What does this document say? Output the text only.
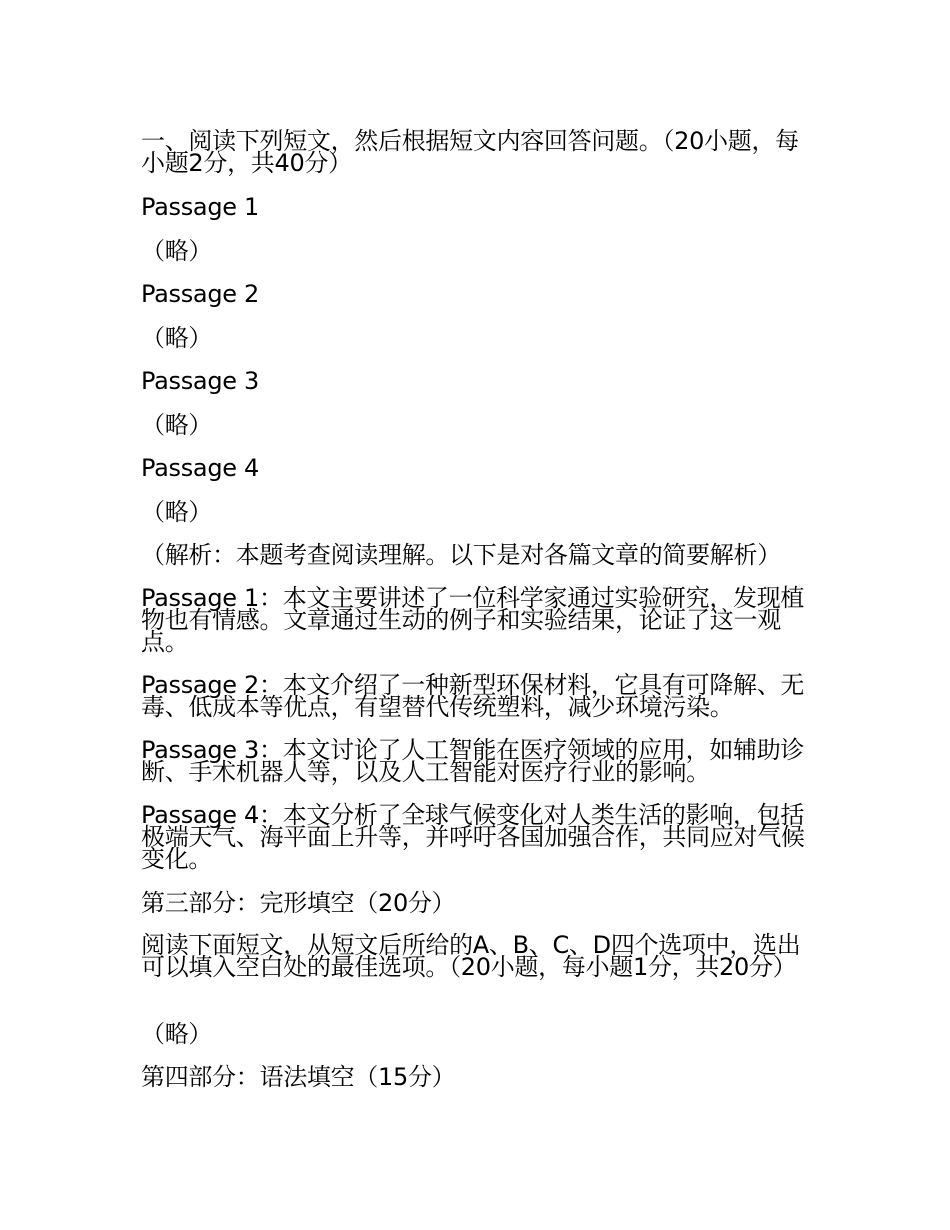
一、阅读下列短文，然后根据短文内容回答问题。（20小题，每小题2分，共40分）
Passage 1
（略）
Passage 2
（略）
Passage 3
（略）
Passage 4
（略）
（解析：本题考查阅读理解。以下是对各篇文章的简要解析）
Passage 1：本文主要讲述了一位科学家通过实验研究，发现植物也有情感。文章通过生动的例子和实验结果，论证了这一观点。
Passage 2：本文介绍了一种新型环保材料，它具有可降解、无毒、低成本等优点，有望替代传统塑料，减少环境污染。
Passage 3：本文讨论了人工智能在医疗领域的应用，如辅助诊断、手术机器人等，以及人工智能对医疗行业的影响。
Passage 4：本文分析了全球气候变化对人类生活的影响，包括极端天气、海平面上升等，并呼吁各国加强合作，共同应对气候变化。
第三部分：完形填空（20分）
阅读下面短文，从短文后所给的A、B、C、D四个选项中，选出可以填入空白处的最佳选项。（20小题，每小题1分，共20分）
（略）
第四部分：语法填空（15分）
